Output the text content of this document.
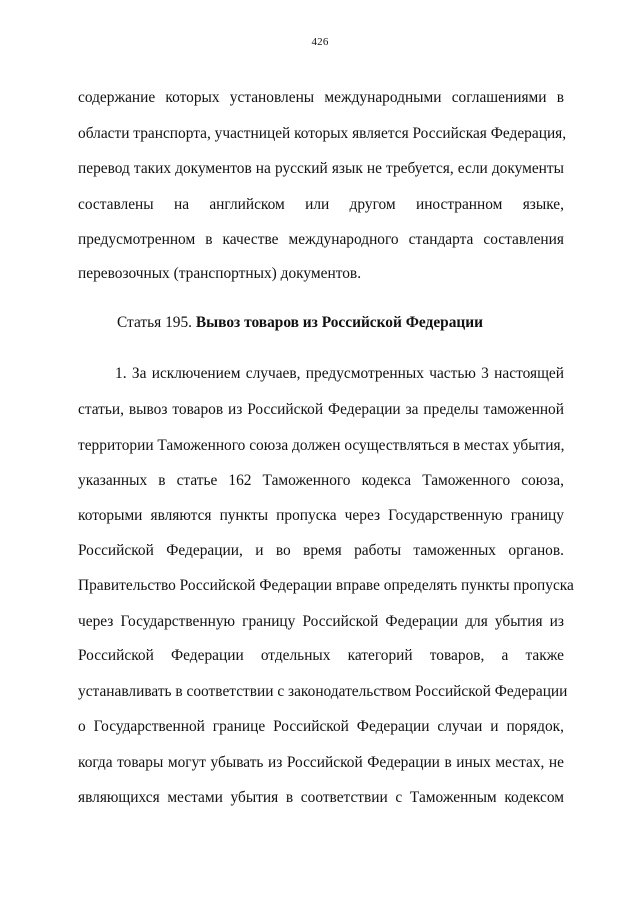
426
содержание которых установлены международными соглашениями в
области транспорта, участницей которых является Российская Федерация,
перевод таких документов на русский язык не требуется, если документы
составлены на английском или другом иностранном языке,
предусмотренном в качестве международного стандарта составления
перевозочных (транспортных) документов.
Статья 195. Вывоз товаров из Российской Федерации
1. За исключением случаев, предусмотренных частью 3 настоящей
статьи, вывоз товаров из Российской Федерации за пределы таможенной
территории Таможенного союза должен осуществляться в местах убытия,
указанных в статье 162 Таможенного кодекса Таможенного союза,
которыми являются пункты пропуска через Государственную границу
Российской Федерации, и во время работы таможенных органов.
Правительство Российской Федерации вправе определять пункты пропуска
через Государственную границу Российской Федерации для убытия из
Российской Федерации отдельных категорий товаров, а также
устанавливать в соответствии с законодательством Российской Федерации
о Государственной границе Российской Федерации случаи и порядок,
когда товары могут убывать из Российской Федерации в иных местах, не
являющихся местами убытия в соответствии с Таможенным кодексом
